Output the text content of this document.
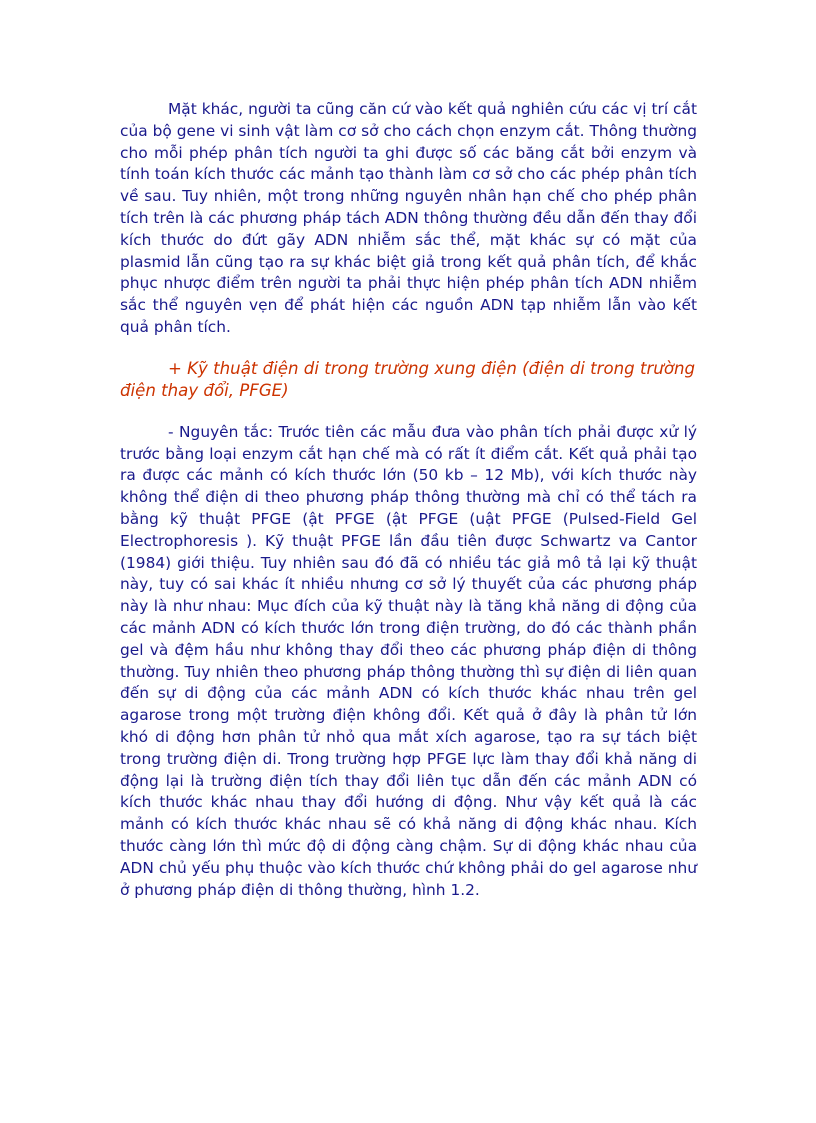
Mặt khác, người ta cũng căn cứ vào kết quả nghiên cứu các vị trí cắt của bộ gene vi sinh vật làm cơ sở cho cách chọn enzym cắt. Thông thường cho mỗi phép phân tích người ta ghi được số các băng cắt bởi enzym và tính toán kích thước các mảnh tạo thành làm cơ sở cho các phép phân tích về sau. Tuy nhiên, một trong những nguyên nhân hạn chế cho phép phân tích trên là các phương pháp tách ADN thông thường đều dẫn đến thay đổi kích thước do đứt gãy ADN nhiễm sắc thể, mặt khác sự có mặt của plasmid lẫn cũng tạo ra sự khác biệt giả trong kết quả phân tích, để khắc phục nhược điểm trên người ta phải thực hiện phép phân tích ADN nhiễm sắc thể nguyên vẹn để phát hiện các nguồn ADN tạp nhiễm lẫn vào kết quả phân tích.

+ Kỹ thuật điện di trong trường xung điện (điện di trong trường điện thay đổi, PFGE)

- Nguyên tắc: Trước tiên các mẫu đưa vào phân tích phải được xử lý trước bằng loại enzym cắt hạn chế mà có rất ít điểm cắt. Kết quả phải tạo ra được các mảnh có kích thước lớn (50 kb – 12 Mb), với kích thước này không thể điện di theo phương pháp thông thường mà chỉ có thể tách ra bằng kỹ thuật PFGE (ật PFGE (ật PFGE (uật PFGE (Pulsed-Field Gel Electrophoresis ). Kỹ thuật PFGE lần đầu tiên được Schwartz va Cantor (1984) giới thiệu. Tuy nhiên sau đó đã có nhiều tác giả mô tả lại kỹ thuật này, tuy có sai khác ít nhiều nhưng cơ sở lý thuyết của các phương pháp này là như nhau: Mục đích của kỹ thuật này là tăng khả năng di động của các mảnh ADN có kích thước lớn trong điện trường, do đó các thành phần gel và đệm hầu như không thay đổi theo các phương pháp điện di thông thường. Tuy nhiên theo phương pháp thông thường thì sự điện di liên quan đến sự di động của các mảnh ADN có kích thước khác nhau trên gel agarose trong một trường điện không đổi. Kết quả ở đây là phân tử lớn khó di động hơn phân tử nhỏ qua mắt xích agarose, tạo ra sự tách biệt trong trường điện di. Trong trường hợp PFGE lực làm thay đổi khả năng di động lại là trường điện tích thay đổi liên tục dẫn đến các mảnh ADN có kích thước khác nhau thay đổi hướng di động. Như vậy kết quả là các mảnh có kích thước khác nhau sẽ có khả năng di động khác nhau. Kích thước càng lớn thì mức độ di động càng chậm. Sự di động khác nhau của ADN chủ yếu phụ thuộc vào kích thước chứ không phải do gel agarose như ở phương pháp điện di thông thường, hình 1.2.
